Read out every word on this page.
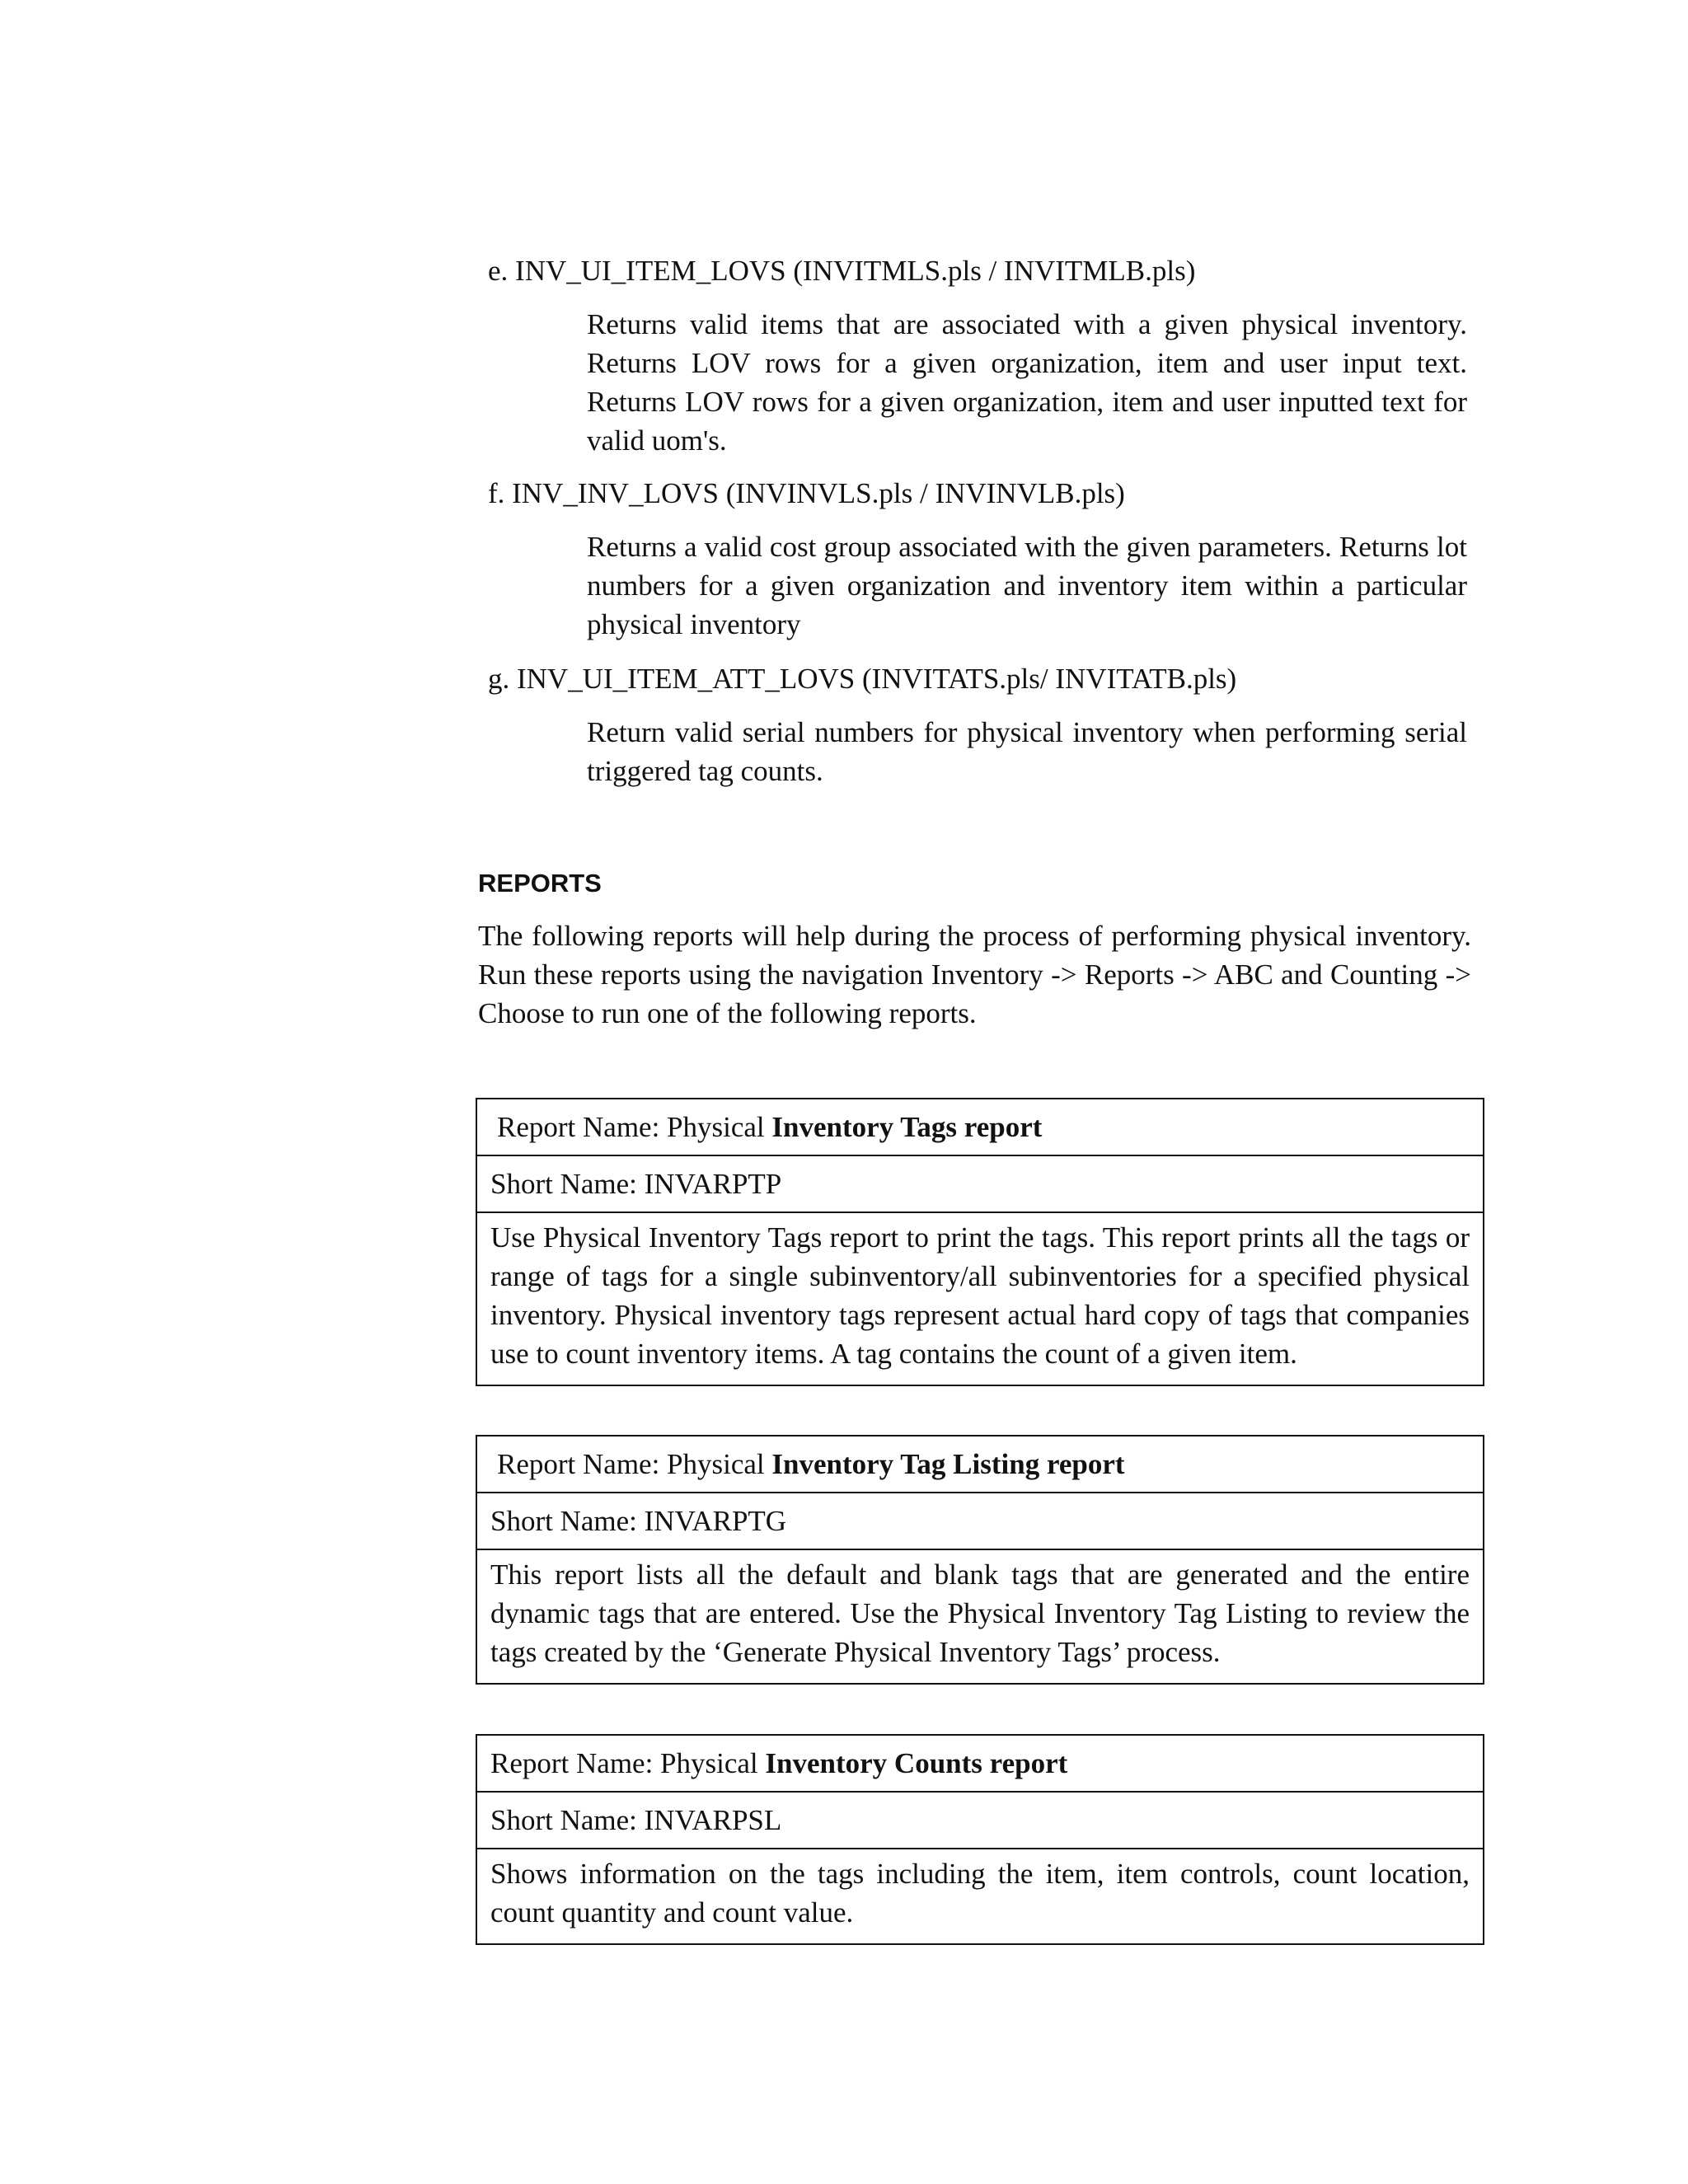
e. INV_UI_ITEM_LOVS (INVITMLS.pls / INVITMLB.pls)

Returns valid items that are associated with a given physical inventory. Returns LOV rows for a given organization, item and user input text. Returns LOV rows for a given organization, item and user inputted text for valid uom's.

f. INV_INV_LOVS (INVINVLS.pls / INVINVLB.pls)

Returns a valid cost group associated with the given parameters. Returns lot numbers for a given organization and inventory item within a particular physical inventory

g. INV_UI_ITEM_ATT_LOVS (INVITATS.pls/ INVITATB.pls)

Return valid serial numbers for physical inventory when performing serial triggered tag counts.

REPORTS

The following reports will help during the process of performing physical inventory. Run these reports using the navigation Inventory -> Reports -> ABC and Counting -> Choose to run one of the following reports.

Report Name: Physical Inventory Tags report
Short Name: INVARPTP
Use Physical Inventory Tags report to print the tags. This report prints all the tags or range of tags for a single subinventory/all subinventories for a specified physical inventory. Physical inventory tags represent actual hard copy of tags that companies use to count inventory items. A tag contains the count of a given item.
Report Name: Physical Inventory Tag Listing report
Short Name: INVARPTG
This report lists all the default and blank tags that are generated and the entire dynamic tags that are entered. Use the Physical Inventory Tag Listing to review the tags created by the ‘Generate Physical Inventory Tags’ process.
Report Name: Physical Inventory Counts report
Short Name: INVARPSL
Shows information on the tags including the item, item controls, count location, count quantity and count value.
